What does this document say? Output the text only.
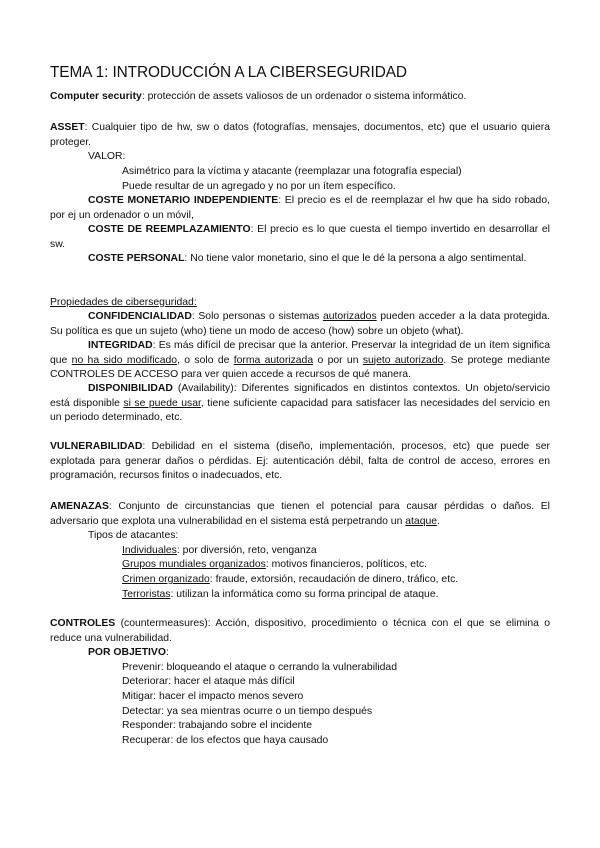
TEMA 1: INTRODUCCIÓN A LA CIBERSEGURIDAD
Computer security: protección de assets valiosos de un ordenador o sistema informático.
ASSET: Cualquier tipo de hw, sw o datos (fotografías, mensajes, documentos, etc) que el usuario quiera proteger.
VALOR:
Asimétrico para la víctima y atacante (reemplazar una fotografía especial)
Puede resultar de un agregado y no por un ítem específico.
COSTE MONETARIO INDEPENDIENTE: El precio es el de reemplazar el hw que ha sido robado, por ej un ordenador o un móvil,
COSTE DE REEMPLAZAMIENTO: El precio es lo que cuesta el tiempo invertido en desarrollar el sw.
COSTE PERSONAL: No tiene valor monetario, sino el que le dé la persona a algo sentimental.
Propiedades de ciberseguridad:
CONFIDENCIALIDAD: Solo personas o sistemas autorizados pueden acceder a la data protegida. Su política es que un sujeto (who) tiene un modo de acceso (how) sobre un objeto (what).
INTEGRIDAD: Es más difícil de precisar que la anterior. Preservar la integridad de un ítem significa que no ha sido modificado, o solo de forma autorizada o por un sujeto autorizado. Se protege mediante CONTROLES DE ACCESO para ver quien accede a recursos de qué manera.
DISPONIBILIDAD (Availability): Diferentes significados en distintos contextos. Un objeto/servicio está disponible si se puede usar, tiene suficiente capacidad para satisfacer las necesidades del servicio en un periodo determinado, etc.
VULNERABILIDAD: Debilidad en el sistema (diseño, implementación, procesos, etc) que puede ser explotada para generar daños o pérdidas. Ej: autenticación débil, falta de control de acceso, errores en programación, recursos finitos o inadecuados, etc.
AMENAZAS: Conjunto de circunstancias que tienen el potencial para causar pérdidas o daños. El adversario que explota una vulnerabilidad en el sistema está perpetrando un ataque.
Tipos de atacantes:
Individuales: por diversión, reto, venganza
Grupos mundiales organizados: motivos financieros, políticos, etc.
Crimen organizado: fraude, extorsión, recaudación de dinero, tráfico, etc.
Terroristas: utilizan la informática como su forma principal de ataque.
CONTROLES (countermeasures): Acción, dispositivo, procedimiento o técnica con el que se elimina o reduce una vulnerabilidad.
POR OBJETIVO:
Prevenir: bloqueando el ataque o cerrando la vulnerabilidad
Deteriorar: hacer el ataque más difícil
Mitigar: hacer el impacto menos severo
Detectar: ya sea mientras ocurre o un tiempo después
Responder: trabajando sobre el incidente
Recuperar: de los efectos que haya causado
